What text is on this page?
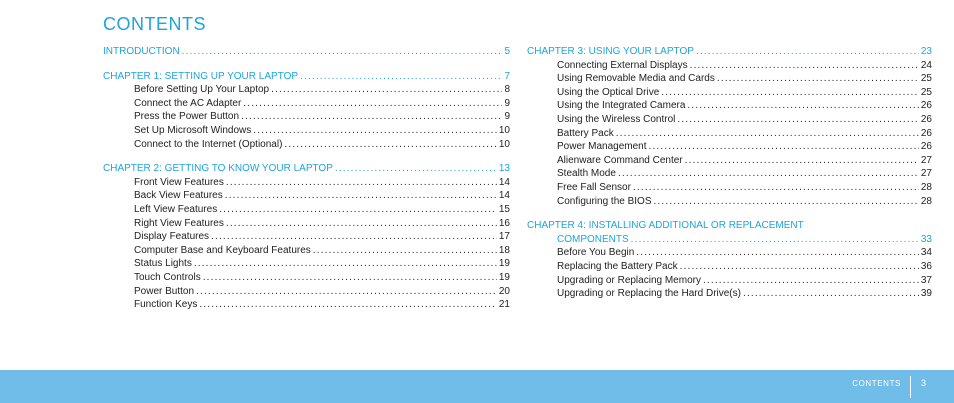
CONTENTS
INTRODUCTION . . .	5
CHAPTER 1: SETTING UP YOUR LAPTOP . . .	7
Before Setting Up Your Laptop . . .	8
Connect the AC Adapter . . .	9
Press the Power Button . . .	9
Set Up Microsoft Windows . . .	10
Connect to the Internet (Optional) . . .	10
CHAPTER 2: GETTING TO KNOW YOUR LAPTOP . . .	13
Front View Features . . .	14
Back View Features . . .	14
Left View Features . . .	15
Right View Features . . .	16
Display Features . . .	17
Computer Base and Keyboard Features . . .	18
Status Lights . . .	19
Touch Controls . . .	19
Power Button . . .	20
Function Keys . . .	21
CHAPTER 3: USING YOUR LAPTOP . . .	23
Connecting External Displays . . .	24
Using Removable Media and Cards . . .	25
Using the Optical Drive . . .	25
Using the Integrated Camera . . .	26
Using the Wireless Control . . .	26
Battery Pack . . .	26
Power Management . . .	26
Alienware Command Center . . .	27
Stealth Mode . . .	27
Free Fall Sensor . . .	28
Configuring the BIOS . . .	28
CHAPTER 4: INSTALLING ADDITIONAL OR REPLACEMENT
COMPONENTS . . .	33
Before You Begin . . .	34
Replacing the Battery Pack . . .	36
Upgrading or Replacing Memory . . .	37
Upgrading or Replacing the Hard Drive(s) . . .	39
CONTENTS 3
